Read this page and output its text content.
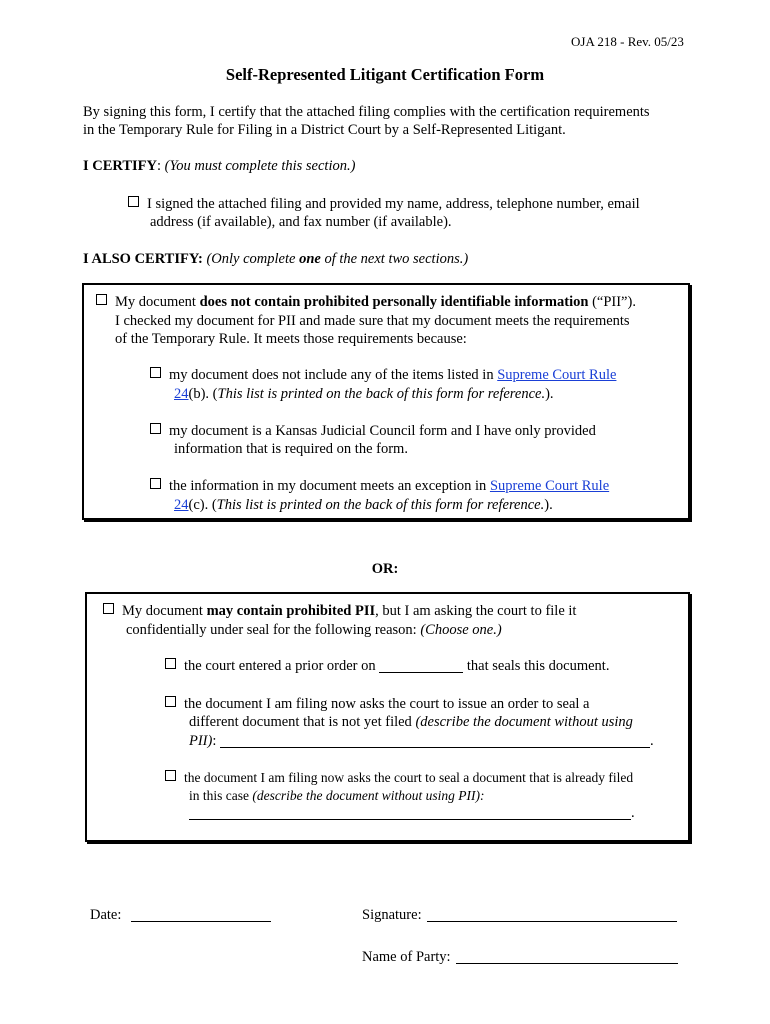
OJA 218 - Rev. 05/23
Self-Represented Litigant Certification Form
By signing this form, I certify that the attached filing complies with the certification requirements
in the Temporary Rule for Filing in a District Court by a Self-Represented Litigant.
I CERTIFY: (You must complete this section.)
I signed the attached filing and provided my name, address, telephone number, email
address (if available), and fax number (if available).
I ALSO CERTIFY: (Only complete one of the next two sections.)
My document does not contain prohibited personally identifiable information (“PII”).
I checked my document for PII and made sure that my document meets the requirements
of the Temporary Rule. It meets those requirements because:
my document does not include any of the items listed in Supreme Court Rule
24(b). (This list is printed on the back of this form for reference.).
my document is a Kansas Judicial Council form and I have only provided
information that is required on the form.
the information in my document meets an exception in Supreme Court Rule
24(c). (This list is printed on the back of this form for reference.).
OR:
My document may contain prohibited PII, but I am asking the court to file it
confidentially under seal for the following reason: (Choose one.)
the court entered a prior order on	that seals this document.
the document I am filing now asks the court to issue an order to seal a
different document that is not yet filed (describe the document without using
PII):	.
the document I am filing now asks the court to seal a document that is already filed
in this case (describe the document without using PII):
.
Date:	Signature:
Name of Party:
